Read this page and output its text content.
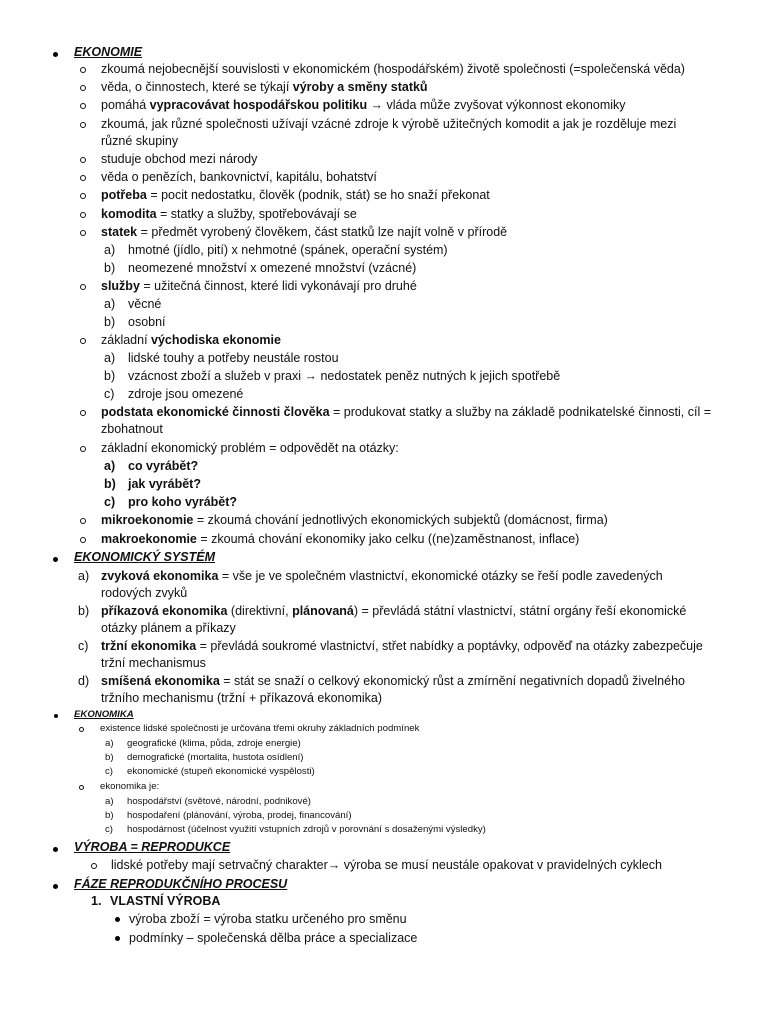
EKONOMIE
zkoumá nejobecnější souvislosti v ekonomickém (hospodářském) životě společnosti (=společenská věda)
věda, o činnostech, které se týkají výroby a směny statků
pomáhá vypracovávat hospodářskou politiku → vláda může zvyšovat výkonnost ekonomiky
zkoumá, jak různé společnosti užívají vzácné zdroje k výrobě užitečných komodit a jak je rozděluje mezi
různé skupiny
studuje obchod mezi národy
věda o penězích, bankovnictví, kapitálu, bohatství
potřeba = pocit nedostatku, člověk (podnik, stát) se ho snaží překonat
komodita = statky a služby, spotřebovávají se
statek = předmět vyrobený člověkem, část statků lze najít volně v přírodě
a) hmotné (jídlo, pití) x nehmotné (spánek, operační systém)
b) neomezené množství x omezené množství (vzácné)
služby = užitečná činnost, které lidi vykonávají pro druhé
a) věcné
b) osobní
základní východiska ekonomie
a) lidské touhy a potřeby neustále rostou
b) vzácnost zboží a služeb v praxi → nedostatek peněz nutných k jejich spotřebě
c) zdroje jsou omezené
podstata ekonomické činnosti člověka = produkovat statky a služby na základě podnikatelské činnosti, cíl =
zbohatnout
základní ekonomický problém = odpovědět na otázky:
a) co vyrábět?
b) jak vyrábět?
c) pro koho vyrábět?
mikroekonomie = zkoumá chování jednotlivých ekonomických subjektů (domácnost, firma)
makroekonomie = zkoumá chování ekonomiky jako celku ((ne)zaměstnanost, inflace)
EKONOMICKÝ SYSTÉM
a) zvyková ekonomika = vše je ve společném vlastnictví, ekonomické otázky se řeší podle zavedených
rodových zvyků
b) příkazová ekonomika (direktivní, plánovaná) = převládá státní vlastnictví, státní orgány řeší ekonomické
otázky plánem a příkazy
c) tržní ekonomika = převládá soukromé vlastnictví, střet nabídky a poptávky, odpověď na otázky zabezpečuje
tržní mechanismus
d) smíšená ekonomika = stát se snaží o celkový ekonomický růst a zmírnění negativních dopadů živelného
tržního mechanismu (tržní + příkazová ekonomika)
EKONOMIKA
existence lidské společnosti je určována třemi okruhy základních podmínek
a) geografické (klima, půda, zdroje energie)
b) demografické (mortalita, hustota osídlení)
c) ekonomické (stupeň ekonomické vyspělosti)
ekonomika je:
a) hospodářství (světové, národní, podnikové)
b) hospodaření (plánování, výroba, prodej, financování)
c) hospodárnost (účelnost využití vstupních zdrojů v porovnání s dosaženými výsledky)
VÝROBA = REPRODUKCE
lidské potřeby mají setrvačný charakter→ výroba se musí neustále opakovat v pravidelných cyklech
FÁZE REPRODUKČNÍHO PROCESU
1. VLASTNÍ VÝROBA
výroba zboží = výroba statku určeného pro směnu
podmínky – společenská dělba práce a specializace
